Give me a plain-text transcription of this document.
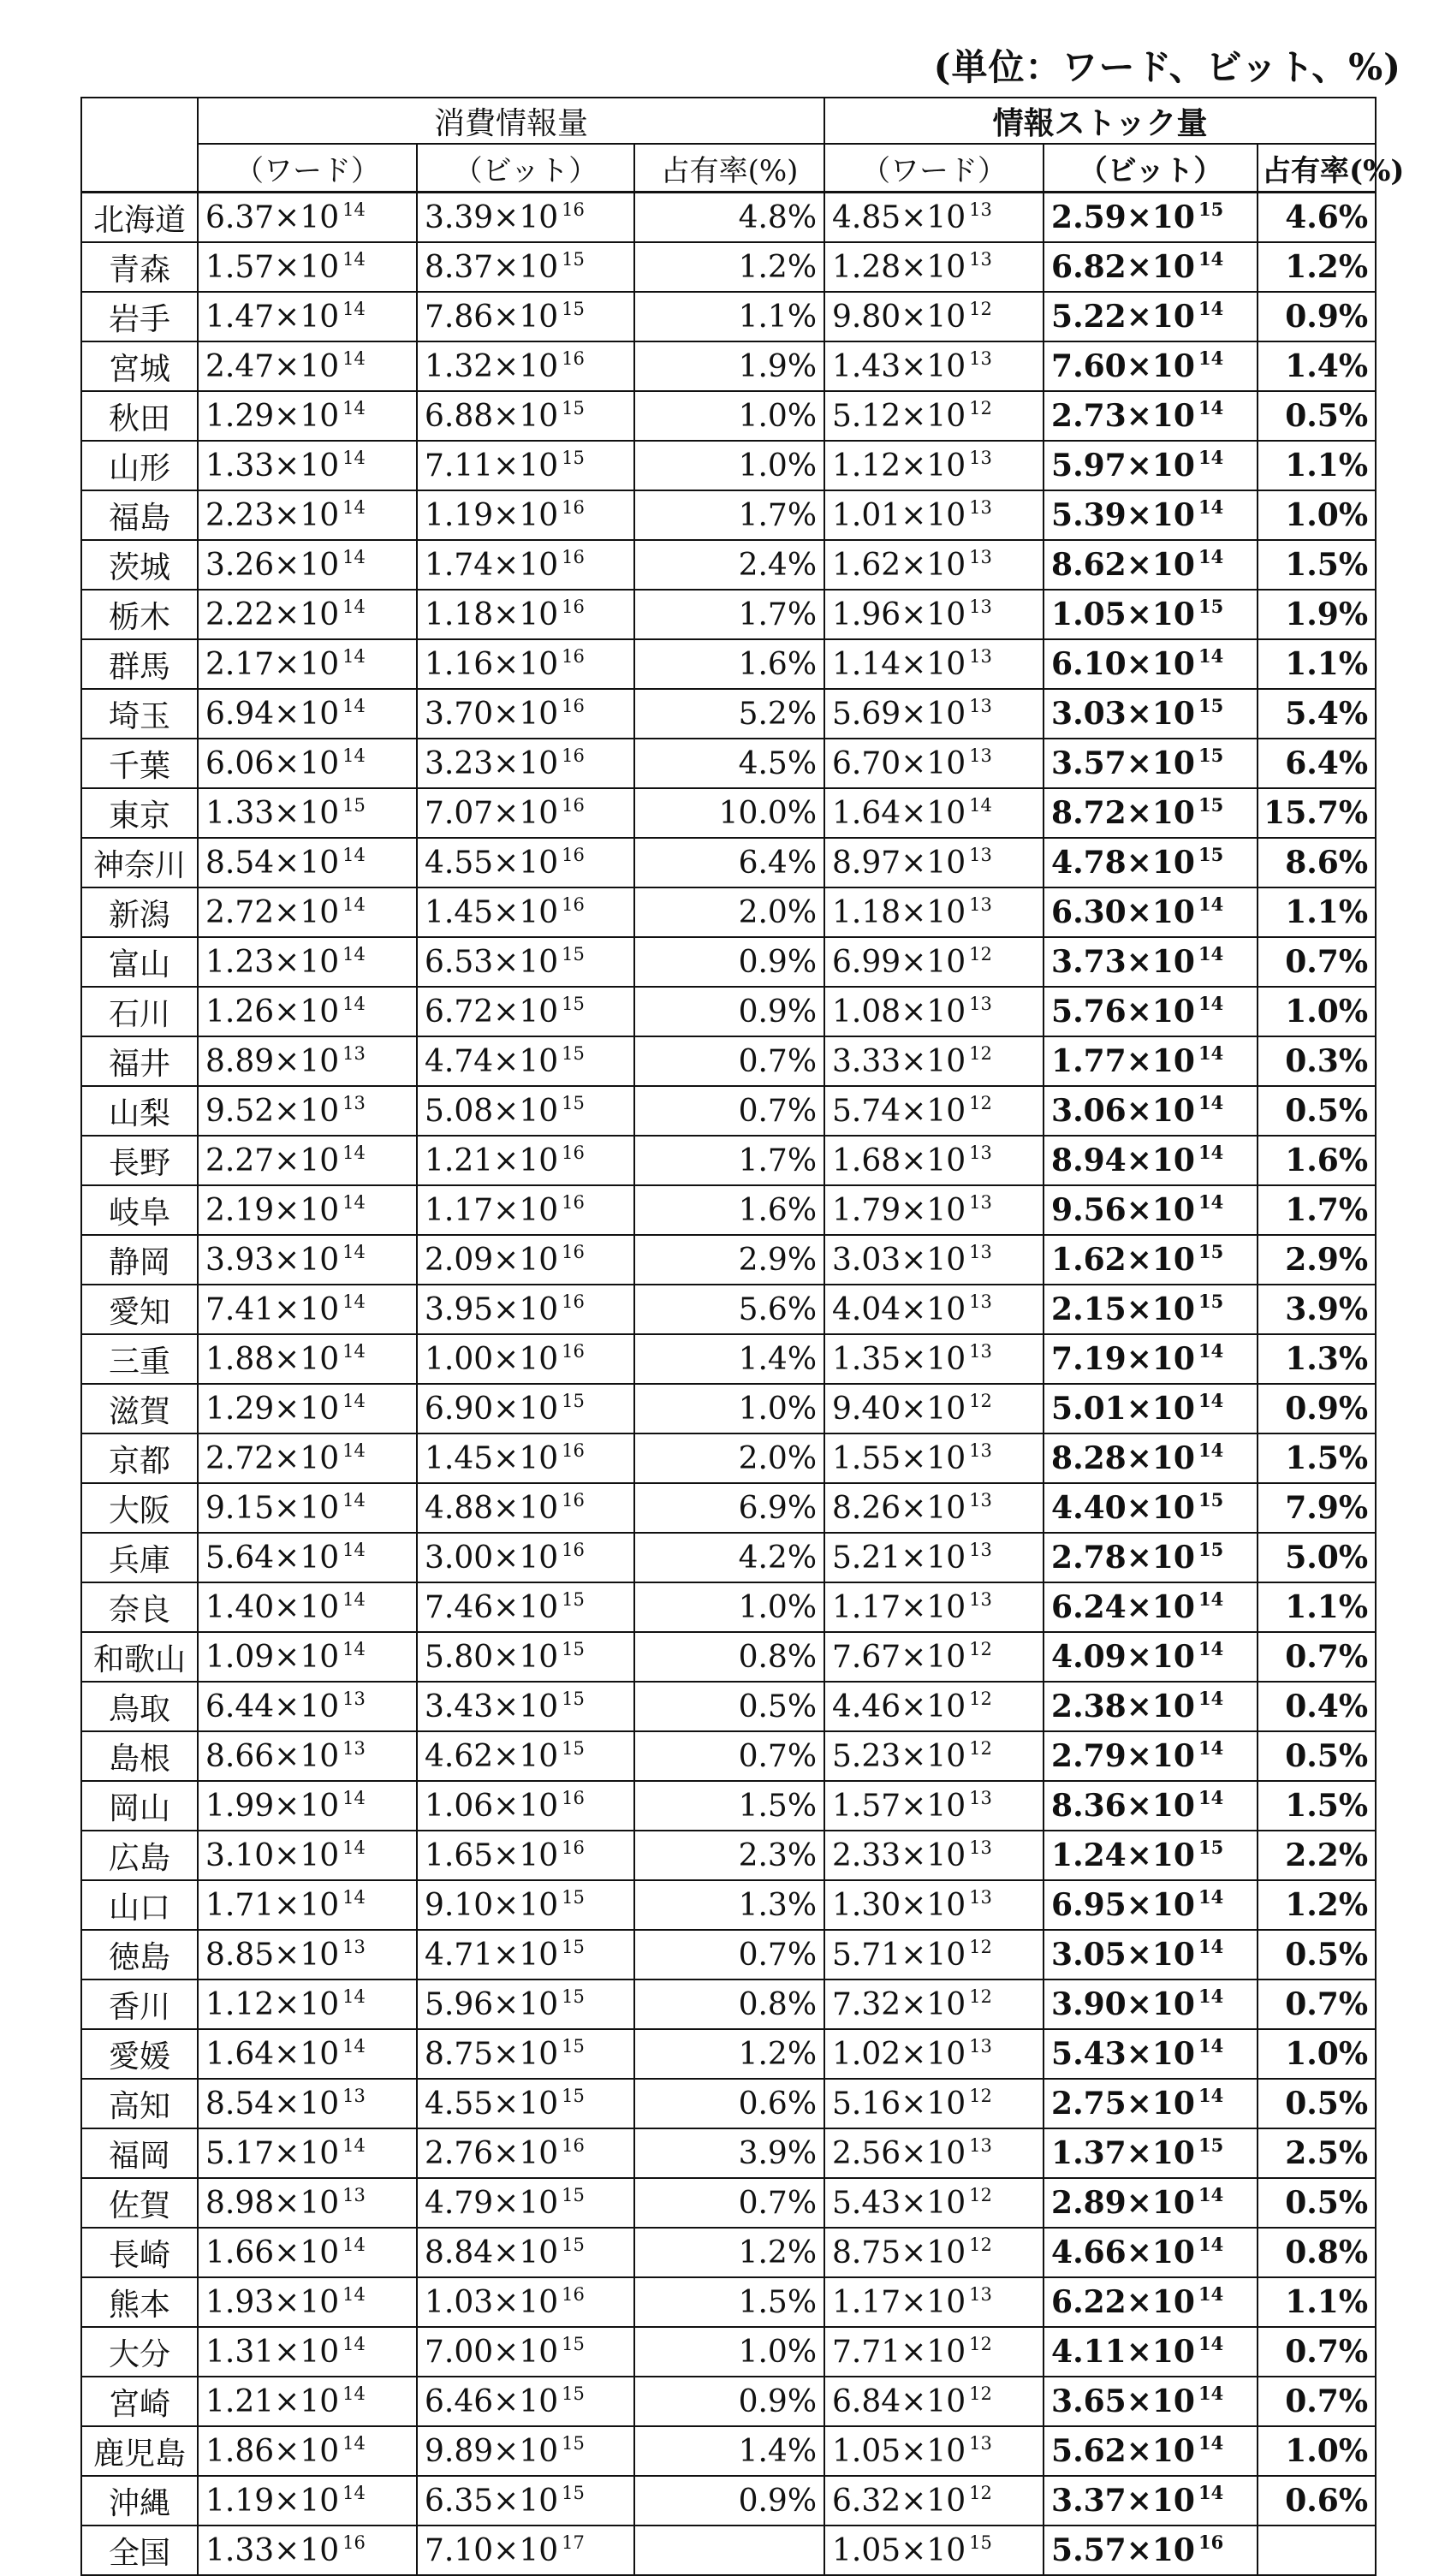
(単位：ワード、ビット、%)
	消費情報量			情報ストック量		
	（ワード）	（ビット）	占有率(%)	（ワード）	（ビット）	占有率(%)
北海道	6.37×10 $^{14}$	3.39×10 $^{16}$	4.8%	4.85×10 $^{13}$	2.59×10 $^{15}$	4.6%
青森	1.57×10 $^{14}$	8.37×10 $^{15}$	1.2%	1.28×10 $^{13}$	6.82×10 $^{14}$	1.2%
岩手	1.47×10 $^{14}$	7.86×10 $^{15}$	1.1%	9.80×10 $^{12}$	5.22×10 $^{14}$	0.9%
宮城	2.47×10 $^{14}$	1.32×10 $^{16}$	1.9%	1.43×10 $^{13}$	7.60×10 $^{14}$	1.4%
秋田	1.29×10 $^{14}$	6.88×10 $^{15}$	1.0%	5.12×10 $^{12}$	2.73×10 $^{14}$	0.5%
山形	1.33×10 $^{14}$	7.11×10 $^{15}$	1.0%	1.12×10 $^{13}$	5.97×10 $^{14}$	1.1%
福島	2.23×10 $^{14}$	1.19×10 $^{16}$	1.7%	1.01×10 $^{13}$	5.39×10 $^{14}$	1.0%
茨城	3.26×10 $^{14}$	1.74×10 $^{16}$	2.4%	1.62×10 $^{13}$	8.62×10 $^{14}$	1.5%
栃木	2.22×10 $^{14}$	1.18×10 $^{16}$	1.7%	1.96×10 $^{13}$	1.05×10 $^{15}$	1.9%
群馬	2.17×10 $^{14}$	1.16×10 $^{16}$	1.6%	1.14×10 $^{13}$	6.10×10 $^{14}$	1.1%
埼玉	6.94×10 $^{14}$	3.70×10 $^{16}$	5.2%	5.69×10 $^{13}$	3.03×10 $^{15}$	5.4%
千葉	6.06×10 $^{14}$	3.23×10 $^{16}$	4.5%	6.70×10 $^{13}$	3.57×10 $^{15}$	6.4%
東京	1.33×10 $^{15}$	7.07×10 $^{16}$	10.0%	1.64×10 $^{14}$	8.72×10 $^{15}$	15.7%
神奈川	8.54×10 $^{14}$	4.55×10 $^{16}$	6.4%	8.97×10 $^{13}$	4.78×10 $^{15}$	8.6%
新潟	2.72×10 $^{14}$	1.45×10 $^{16}$	2.0%	1.18×10 $^{13}$	6.30×10 $^{14}$	1.1%
富山	1.23×10 $^{14}$	6.53×10 $^{15}$	0.9%	6.99×10 $^{12}$	3.73×10 $^{14}$	0.7%
石川	1.26×10 $^{14}$	6.72×10 $^{15}$	0.9%	1.08×10 $^{13}$	5.76×10 $^{14}$	1.0%
福井	8.89×10 $^{13}$	4.74×10 $^{15}$	0.7%	3.33×10 $^{12}$	1.77×10 $^{14}$	0.3%
山梨	9.52×10 $^{13}$	5.08×10 $^{15}$	0.7%	5.74×10 $^{12}$	3.06×10 $^{14}$	0.5%
長野	2.27×10 $^{14}$	1.21×10 $^{16}$	1.7%	1.68×10 $^{13}$	8.94×10 $^{14}$	1.6%
岐阜	2.19×10 $^{14}$	1.17×10 $^{16}$	1.6%	1.79×10 $^{13}$	9.56×10 $^{14}$	1.7%
静岡	3.93×10 $^{14}$	2.09×10 $^{16}$	2.9%	3.03×10 $^{13}$	1.62×10 $^{15}$	2.9%
愛知	7.41×10 $^{14}$	3.95×10 $^{16}$	5.6%	4.04×10 $^{13}$	2.15×10 $^{15}$	3.9%
三重	1.88×10 $^{14}$	1.00×10 $^{16}$	1.4%	1.35×10 $^{13}$	7.19×10 $^{14}$	1.3%
滋賀	1.29×10 $^{14}$	6.90×10 $^{15}$	1.0%	9.40×10 $^{12}$	5.01×10 $^{14}$	0.9%
京都	2.72×10 $^{14}$	1.45×10 $^{16}$	2.0%	1.55×10 $^{13}$	8.28×10 $^{14}$	1.5%
大阪	9.15×10 $^{14}$	4.88×10 $^{16}$	6.9%	8.26×10 $^{13}$	4.40×10 $^{15}$	7.9%
兵庫	5.64×10 $^{14}$	3.00×10 $^{16}$	4.2%	5.21×10 $^{13}$	2.78×10 $^{15}$	5.0%
奈良	1.40×10 $^{14}$	7.46×10 $^{15}$	1.0%	1.17×10 $^{13}$	6.24×10 $^{14}$	1.1%
和歌山	1.09×10 $^{14}$	5.80×10 $^{15}$	0.8%	7.67×10 $^{12}$	4.09×10 $^{14}$	0.7%
鳥取	6.44×10 $^{13}$	3.43×10 $^{15}$	0.5%	4.46×10 $^{12}$	2.38×10 $^{14}$	0.4%
島根	8.66×10 $^{13}$	4.62×10 $^{15}$	0.7%	5.23×10 $^{12}$	2.79×10 $^{14}$	0.5%
岡山	1.99×10 $^{14}$	1.06×10 $^{16}$	1.5%	1.57×10 $^{13}$	8.36×10 $^{14}$	1.5%
広島	3.10×10 $^{14}$	1.65×10 $^{16}$	2.3%	2.33×10 $^{13}$	1.24×10 $^{15}$	2.2%
山口	1.71×10 $^{14}$	9.10×10 $^{15}$	1.3%	1.30×10 $^{13}$	6.95×10 $^{14}$	1.2%
徳島	8.85×10 $^{13}$	4.71×10 $^{15}$	0.7%	5.71×10 $^{12}$	3.05×10 $^{14}$	0.5%
香川	1.12×10 $^{14}$	5.96×10 $^{15}$	0.8%	7.32×10 $^{12}$	3.90×10 $^{14}$	0.7%
愛媛	1.64×10 $^{14}$	8.75×10 $^{15}$	1.2%	1.02×10 $^{13}$	5.43×10 $^{14}$	1.0%
高知	8.54×10 $^{13}$	4.55×10 $^{15}$	0.6%	5.16×10 $^{12}$	2.75×10 $^{14}$	0.5%
福岡	5.17×10 $^{14}$	2.76×10 $^{16}$	3.9%	2.56×10 $^{13}$	1.37×10 $^{15}$	2.5%
佐賀	8.98×10 $^{13}$	4.79×10 $^{15}$	0.7%	5.43×10 $^{12}$	2.89×10 $^{14}$	0.5%
長崎	1.66×10 $^{14}$	8.84×10 $^{15}$	1.2%	8.75×10 $^{12}$	4.66×10 $^{14}$	0.8%
熊本	1.93×10 $^{14}$	1.03×10 $^{16}$	1.5%	1.17×10 $^{13}$	6.22×10 $^{14}$	1.1%
大分	1.31×10 $^{14}$	7.00×10 $^{15}$	1.0%	7.71×10 $^{12}$	4.11×10 $^{14}$	0.7%
宮崎	1.21×10 $^{14}$	6.46×10 $^{15}$	0.9%	6.84×10 $^{12}$	3.65×10 $^{14}$	0.7%
鹿児島	1.86×10 $^{14}$	9.89×10 $^{15}$	1.4%	1.05×10 $^{13}$	5.62×10 $^{14}$	1.0%
沖縄	1.19×10 $^{14}$	6.35×10 $^{15}$	0.9%	6.32×10 $^{12}$	3.37×10 $^{14}$	0.6%
全国	1.33×10 $^{16}$	7.10×10 $^{17}$		1.05×10 $^{15}$	5.57×10 $^{16}$	
